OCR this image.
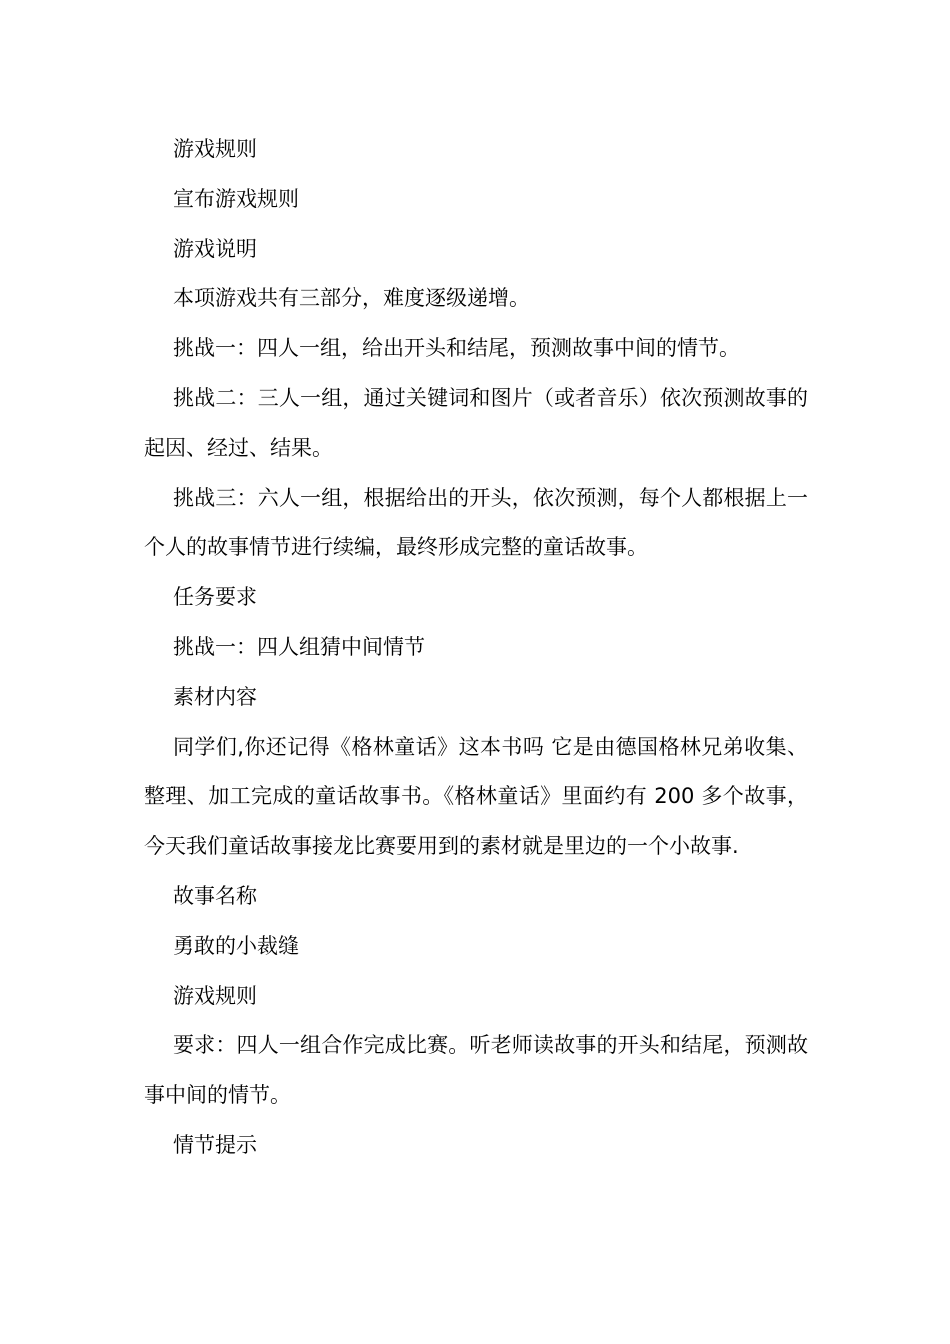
游戏规则

宣布游戏规则

游戏说明

本项游戏共有三部分，难度逐级递增。

挑战一：四人一组，给出开头和结尾，预测故事中间的情节。

挑战二：三人一组，通过关键词和图片（或者音乐）依次预测故事的起因、经过、结果。

挑战三：六人一组，根据给出的开头，依次预测，每个人都根据上一个人的故事情节进行续编，最终形成完整的童话故事。

任务要求

挑战一：四人组猜中间情节

素材内容

同学们,你还记得《格林童话》这本书吗 它是由德国格林兄弟收集、整理、加工完成的童话故事书。《格林童话》里面约有 200 多个故事，今天我们童话故事接龙比赛要用到的素材就是里边的一个小故事.

故事名称

勇敢的小裁缝

游戏规则

要求：四人一组合作完成比赛。听老师读故事的开头和结尾，预测故事中间的情节。

情节提示
